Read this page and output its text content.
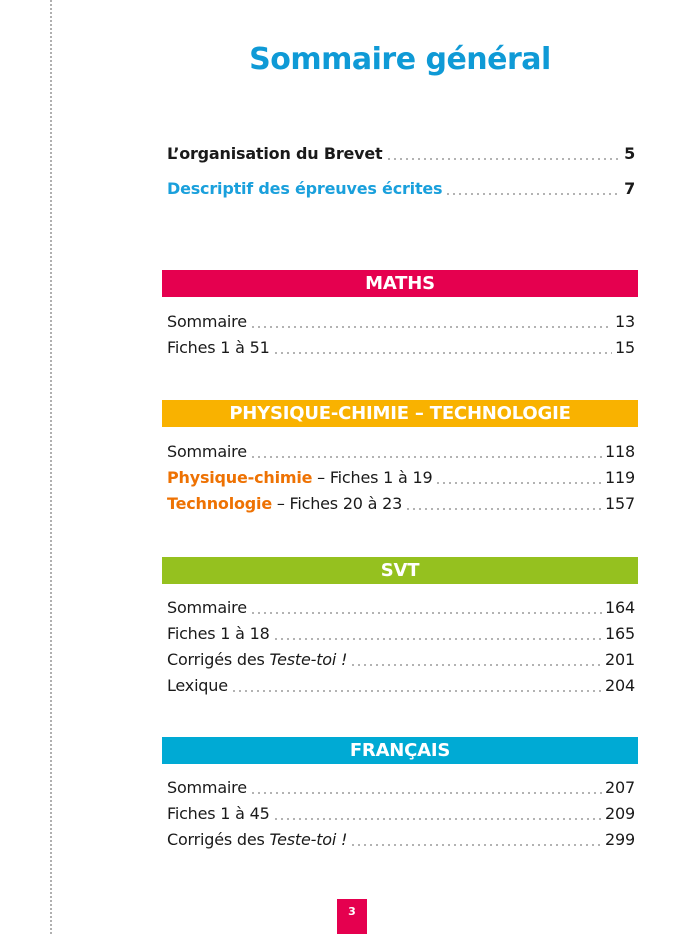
Sommaire général
L’organisation du Brevet	5
Descriptif des épreuves écrites	7
MATHS
Sommaire	13
Fiches 1 à 51	15
PHYSIQUE-CHIMIE – TECHNOLOGIE
Sommaire	118
Physique-chimie – Fiches 1 à 19	119
Technologie – Fiches 20 à 23	157
SVT
Sommaire	164
Fiches 1 à 18	165
Corrigés des Teste-toi !	201
Lexique	204
FRANÇAIS
Sommaire	207
Fiches 1 à 45	209
Corrigés des Teste-toi !	299
3
